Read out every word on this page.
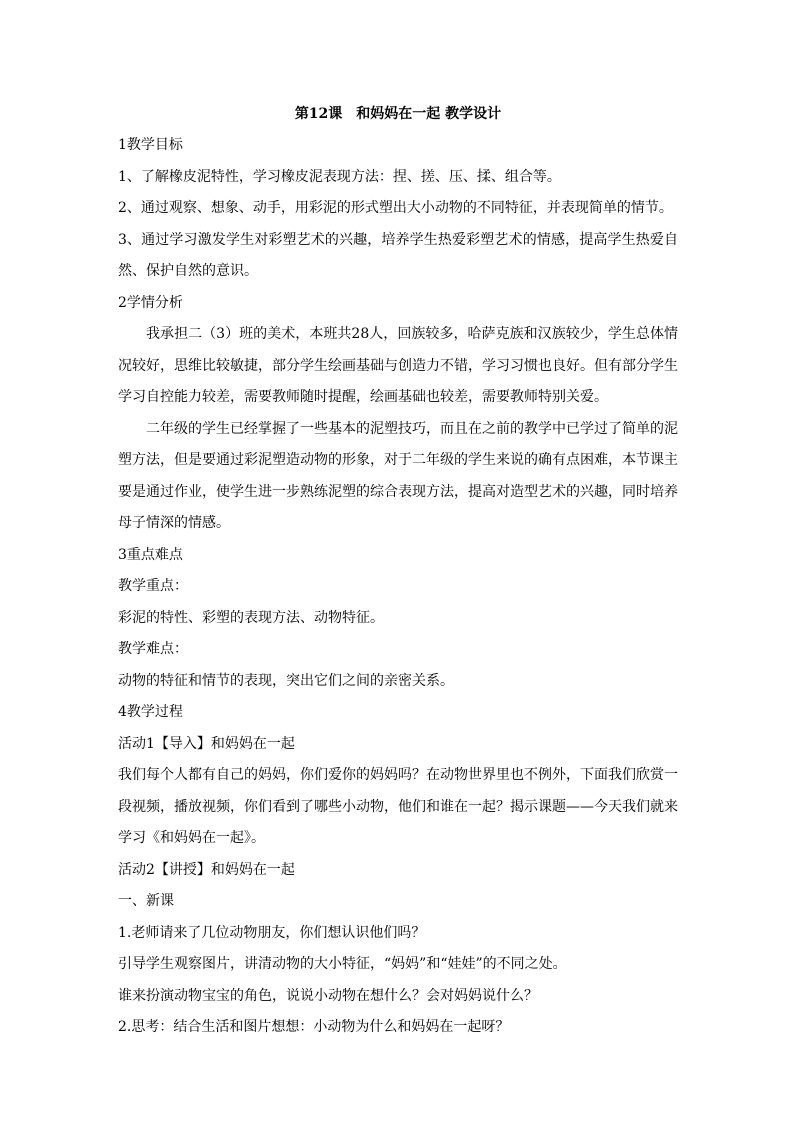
第12课　和妈妈在一起 教学设计
1教学目标
1、了解橡皮泥特性，学习橡皮泥表现方法：捏、搓、压、揉、组合等。
2、通过观察、想象、动手，用彩泥的形式塑出大小动物的不同特征，并表现简单的情节。

3、通过学习激发学生对彩塑艺术的兴趣，培养学生热爱彩塑艺术的情感，提高学生热爱自然、保护自然的意识。

2学情分析

我承担二（3）班的美术，本班共28人，回族较多，哈萨克族和汉族较少，学生总体情况较好，思维比较敏捷，部分学生绘画基础与创造力不错，学习习惯也良好。但有部分学生学习自控能力较差，需要教师随时提醒，绘画基础也较差，需要教师特别关爱。

二年级的学生已经掌握了一些基本的泥塑技巧，而且在之前的教学中已学过了简单的泥塑方法，但是要通过彩泥塑造动物的形象，对于二年级的学生来说的确有点困难，本节课主要是通过作业，使学生进一步熟练泥塑的综合表现方法，提高对造型艺术的兴趣，同时培养母子情深的情感。

3重点难点
教学重点：
彩泥的特性、彩塑的表现方法、动物特征。
教学难点：
动物的特征和情节的表现，突出它们之间的亲密关系。
4教学过程
活动1【导入】和妈妈在一起

我们每个人都有自己的妈妈，你们爱你的妈妈吗？在动物世界里也不例外，下面我们欣赏一段视频，播放视频，你们看到了哪些小动物，他们和谁在一起？揭示课题——今天我们就来学习《和妈妈在一起》。

活动2【讲授】和妈妈在一起
一、新课
1.老师请来了几位动物朋友，你们想认识他们吗？
引导学生观察图片，讲清动物的大小特征，“妈妈”和“娃娃”的不同之处。
谁来扮演动物宝宝的角色，说说小动物在想什么？会对妈妈说什么？
2.思考：结合生活和图片想想：小动物为什么和妈妈在一起呀？
